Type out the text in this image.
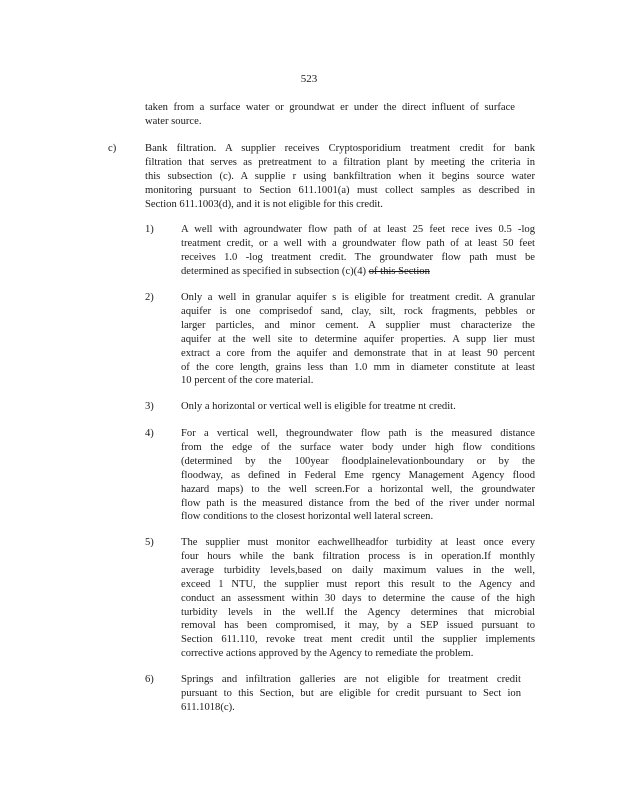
523
taken from a surface water or groundwat er under the direct influent of surface
water source.
c)	Bank filtration. A supplier receives Cryptosporidium treatment credit for bank
filtration that serves as pretreatment to a filtration plant by meeting the criteria in
this subsection (c). A supplie r using bankfiltration when it begins source water
monitoring pursuant to Section 611.1001(a) must collect samples as described in
Section 611.1003(d), and it is not eligible for this credit.
1)	A well with agroundwater flow path of at least 25 feet rece ives 0.5 -log
treatment credit, or a well with a groundwater flow path of at least 50 feet
receives 1.0 -log treatment credit. The groundwater flow path must be
determined as specified in subsection (c)(4) of this Section
2)	Only a well in granular aquifer s is eligible for treatment credit. A granular
aquifer is one comprisedof sand, clay, silt, rock fragments, pebbles or
larger particles, and minor cement. A supplier must characterize the
aquifer at the well site to determine aquifer properties. A supp lier must
extract a core from the aquifer and demonstrate that in at least 90 percent
of the core length, grains less than 1.0 mm in diameter constitute at least
10 percent of the core material.
3)	Only a horizontal or vertical well is eligible for treatme nt credit.
4)	For a vertical well, thegroundwater flow path is the measured distance
from the edge of the surface water body under high flow conditions
(determined by the 100year floodplainelevationboundary or by the
floodway, as defined in Federal Eme rgency Management Agency flood
hazard maps) to the well screen.For a horizontal well, the groundwater
flow path is the measured distance from the bed of the river under normal
flow conditions to the closest horizontal well lateral screen.
5)	The supplier must monitor eachwellheadfor turbidity at least once every
four hours while the bank filtration process is in operation.If monthly
average turbidity levels,based on daily maximum values in the well,
exceed 1 NTU, the supplier must report this result to the Agency and
conduct an assessment within 30 days to determine the cause of the high
turbidity levels in the well.If the Agency determines that microbial
removal has been compromised, it may, by a SEP issued pursuant to
Section 611.110, revoke treat ment credit until the supplier implements
corrective actions approved by the Agency to remediate the problem.
6)	Springs and infiltration galleries are not eligible for treatment credit
pursuant to this Section, but are eligible for credit pursuant to Sect ion
611.1018(c).
